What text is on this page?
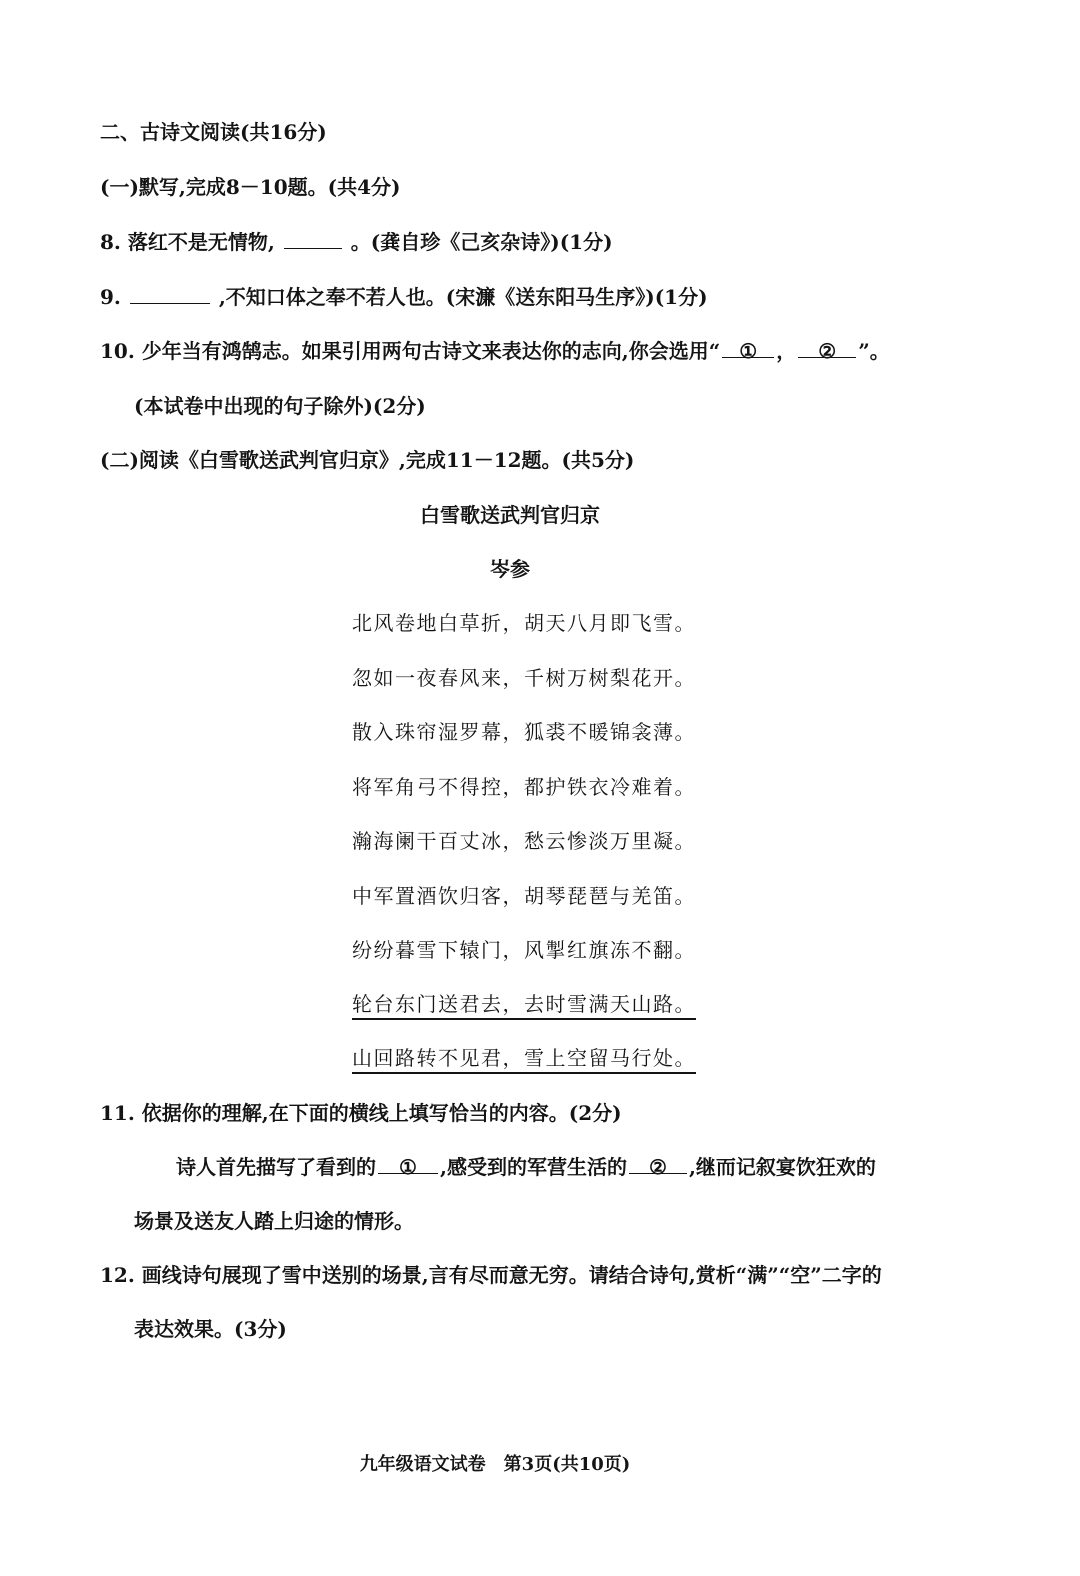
二、古诗文阅读(共16分)
(一)默写,完成8－10题。(共4分)
8. 落红不是无情物,	。(龚自珍《己亥杂诗》)(1分)
9.	,不知口体之奉不若人也。(宋濂《送东阳马生序》)(1分)
10. 少年当有鸿鹄志。如果引用两句古诗文来表达你的志向,你会选用“ ① ， ② ”。
(本试卷中出现的句子除外)(2分)
(二)阅读《白雪歌送武判官归京》,完成11－12题。(共5分)
白雪歌送武判官归京
岑参
北风卷地白草折，胡天八月即飞雪。
忽如一夜春风来，千树万树梨花开。
散入珠帘湿罗幕，狐裘不暖锦衾薄。
将军角弓不得控，都护铁衣冷难着。
瀚海阑干百丈冰，愁云惨淡万里凝。
中军置酒饮归客，胡琴琵琶与羌笛。
纷纷暮雪下辕门，风掣红旗冻不翻。
轮台东门送君去，去时雪满天山路。
山回路转不见君，雪上空留马行处。
11. 依据你的理解,在下面的横线上填写恰当的内容。(2分)
诗人首先描写了看到的 ① ,感受到的军营生活的 ② ,继而记叙宴饮狂欢的
场景及送友人踏上归途的情形。
12. 画线诗句展现了雪中送别的场景,言有尽而意无穷。请结合诗句,赏析“满”“空”二字的
表达效果。(3分)
九年级语文试卷　第3页(共10页)
